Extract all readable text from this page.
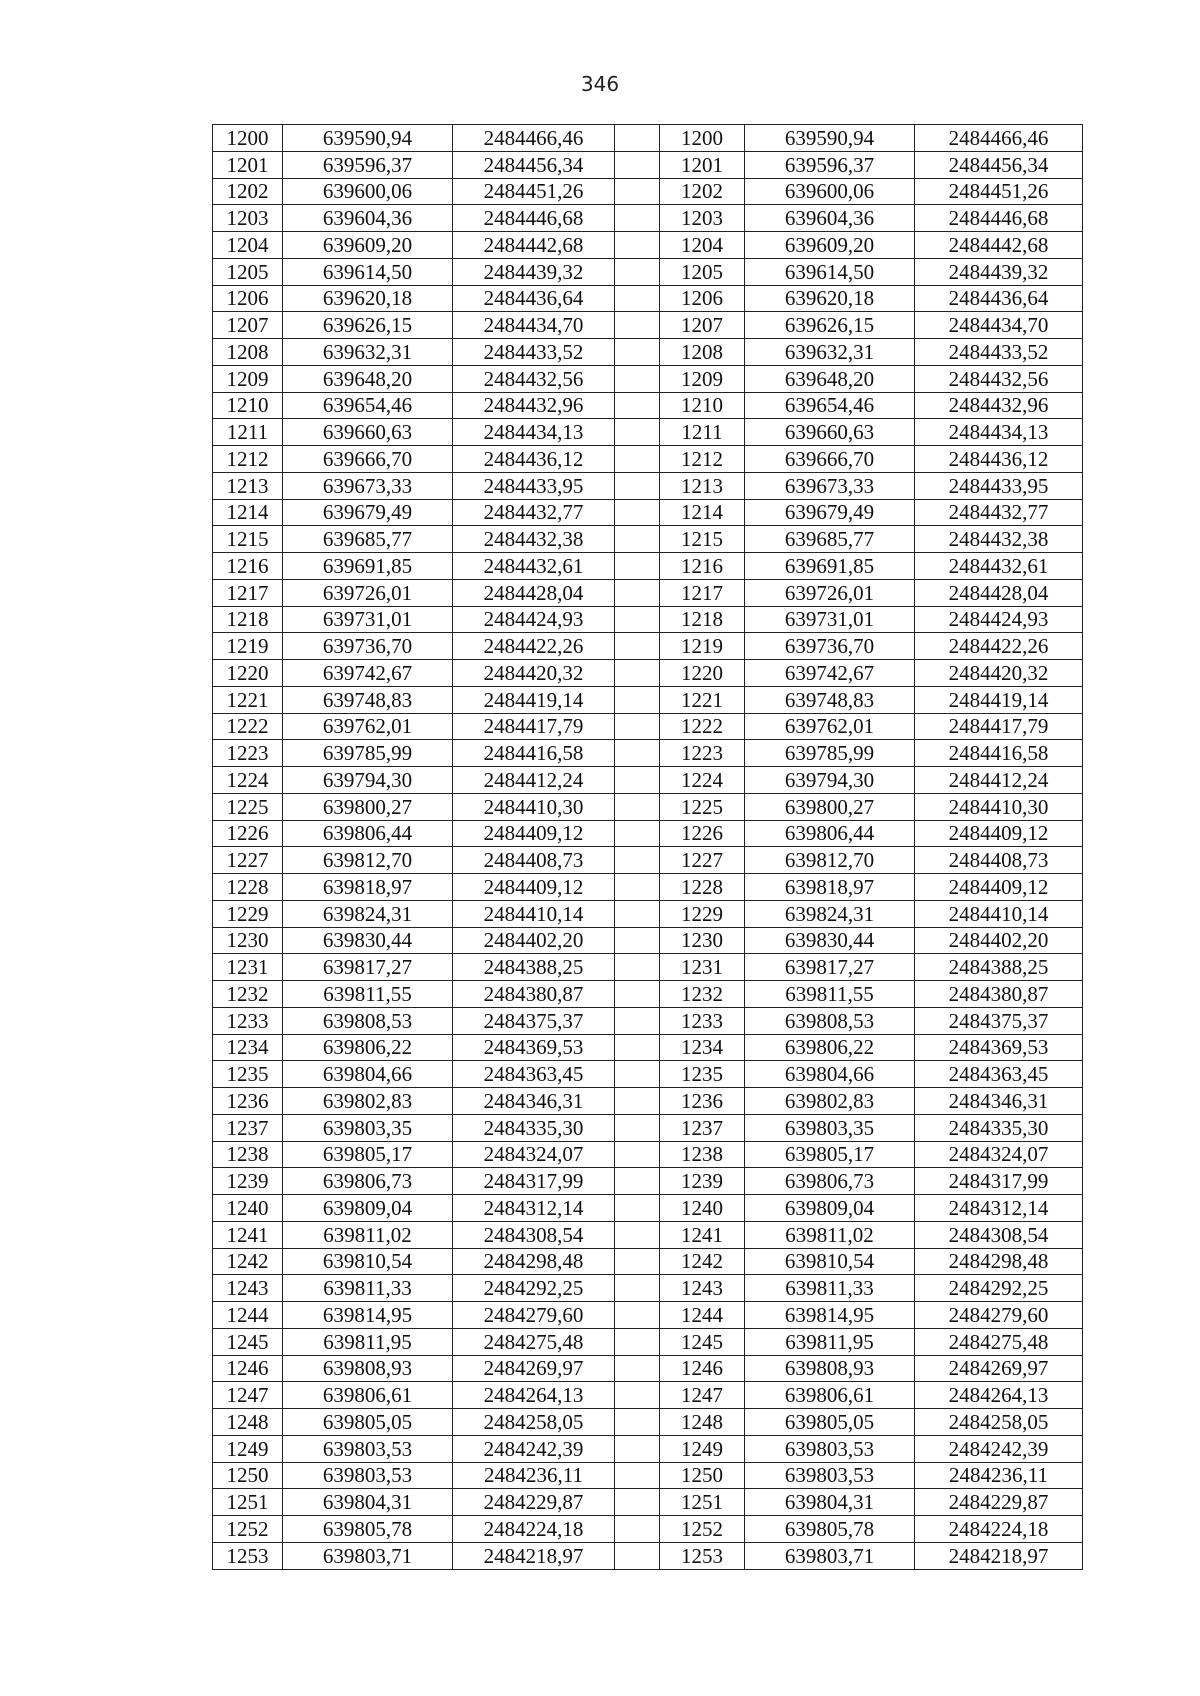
346
1200	639590,94	2484466,46		1200	639590,94	2484466,46
1201	639596,37	2484456,34		1201	639596,37	2484456,34
1202	639600,06	2484451,26		1202	639600,06	2484451,26
1203	639604,36	2484446,68		1203	639604,36	2484446,68
1204	639609,20	2484442,68		1204	639609,20	2484442,68
1205	639614,50	2484439,32		1205	639614,50	2484439,32
1206	639620,18	2484436,64		1206	639620,18	2484436,64
1207	639626,15	2484434,70		1207	639626,15	2484434,70
1208	639632,31	2484433,52		1208	639632,31	2484433,52
1209	639648,20	2484432,56		1209	639648,20	2484432,56
1210	639654,46	2484432,96		1210	639654,46	2484432,96
1211	639660,63	2484434,13		1211	639660,63	2484434,13
1212	639666,70	2484436,12		1212	639666,70	2484436,12
1213	639673,33	2484433,95		1213	639673,33	2484433,95
1214	639679,49	2484432,77		1214	639679,49	2484432,77
1215	639685,77	2484432,38		1215	639685,77	2484432,38
1216	639691,85	2484432,61		1216	639691,85	2484432,61
1217	639726,01	2484428,04		1217	639726,01	2484428,04
1218	639731,01	2484424,93		1218	639731,01	2484424,93
1219	639736,70	2484422,26		1219	639736,70	2484422,26
1220	639742,67	2484420,32		1220	639742,67	2484420,32
1221	639748,83	2484419,14		1221	639748,83	2484419,14
1222	639762,01	2484417,79		1222	639762,01	2484417,79
1223	639785,99	2484416,58		1223	639785,99	2484416,58
1224	639794,30	2484412,24		1224	639794,30	2484412,24
1225	639800,27	2484410,30		1225	639800,27	2484410,30
1226	639806,44	2484409,12		1226	639806,44	2484409,12
1227	639812,70	2484408,73		1227	639812,70	2484408,73
1228	639818,97	2484409,12		1228	639818,97	2484409,12
1229	639824,31	2484410,14		1229	639824,31	2484410,14
1230	639830,44	2484402,20		1230	639830,44	2484402,20
1231	639817,27	2484388,25		1231	639817,27	2484388,25
1232	639811,55	2484380,87		1232	639811,55	2484380,87
1233	639808,53	2484375,37		1233	639808,53	2484375,37
1234	639806,22	2484369,53		1234	639806,22	2484369,53
1235	639804,66	2484363,45		1235	639804,66	2484363,45
1236	639802,83	2484346,31		1236	639802,83	2484346,31
1237	639803,35	2484335,30		1237	639803,35	2484335,30
1238	639805,17	2484324,07		1238	639805,17	2484324,07
1239	639806,73	2484317,99		1239	639806,73	2484317,99
1240	639809,04	2484312,14		1240	639809,04	2484312,14
1241	639811,02	2484308,54		1241	639811,02	2484308,54
1242	639810,54	2484298,48		1242	639810,54	2484298,48
1243	639811,33	2484292,25		1243	639811,33	2484292,25
1244	639814,95	2484279,60		1244	639814,95	2484279,60
1245	639811,95	2484275,48		1245	639811,95	2484275,48
1246	639808,93	2484269,97		1246	639808,93	2484269,97
1247	639806,61	2484264,13		1247	639806,61	2484264,13
1248	639805,05	2484258,05		1248	639805,05	2484258,05
1249	639803,53	2484242,39		1249	639803,53	2484242,39
1250	639803,53	2484236,11		1250	639803,53	2484236,11
1251	639804,31	2484229,87		1251	639804,31	2484229,87
1252	639805,78	2484224,18		1252	639805,78	2484224,18
1253	639803,71	2484218,97		1253	639803,71	2484218,97
